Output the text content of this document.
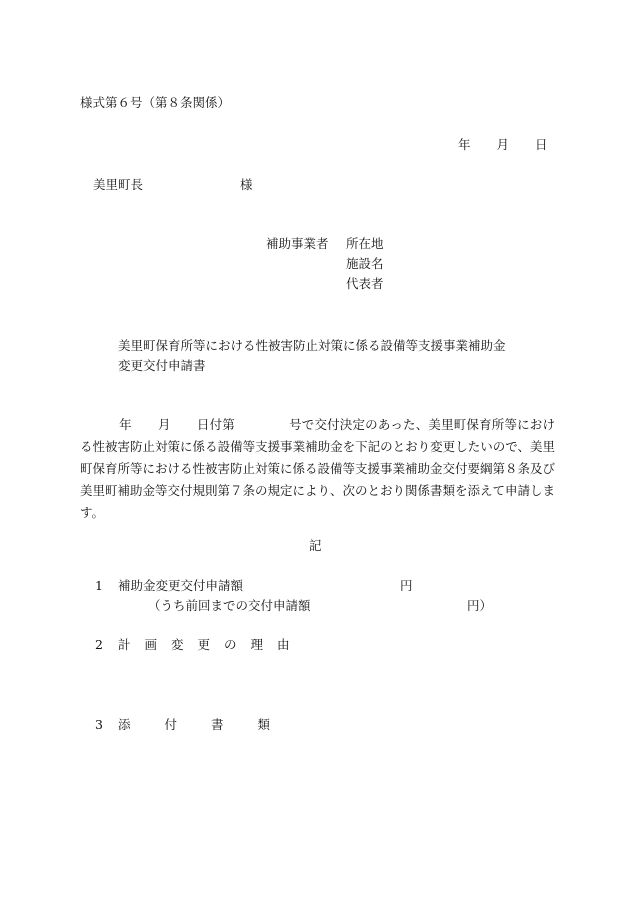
様式第６号（第８条関係）
年 月 日
美里町長	様
補助事業者 所在地
施設名
代表者
美里町保育所等における性被害防止対策に係る設備等支援事業補助金
変更交付申請書
年 月 日付第	号で交付決定のあった、美里町保育所等における性被害防止対策に係る設備等支援事業補助金を下記のとおり変更したいので、美里町保育所等における性被害防止対策に係る設備等支援事業補助金交付要綱第８条及び美里町補助金等交付規則第７条の規定により、次のとおり関係書類を添えて申請します。
記
1 補助金変更交付申請額	円
（うち前回までの交付申請額	円）
2 計画変更の理由
3 添付書類
